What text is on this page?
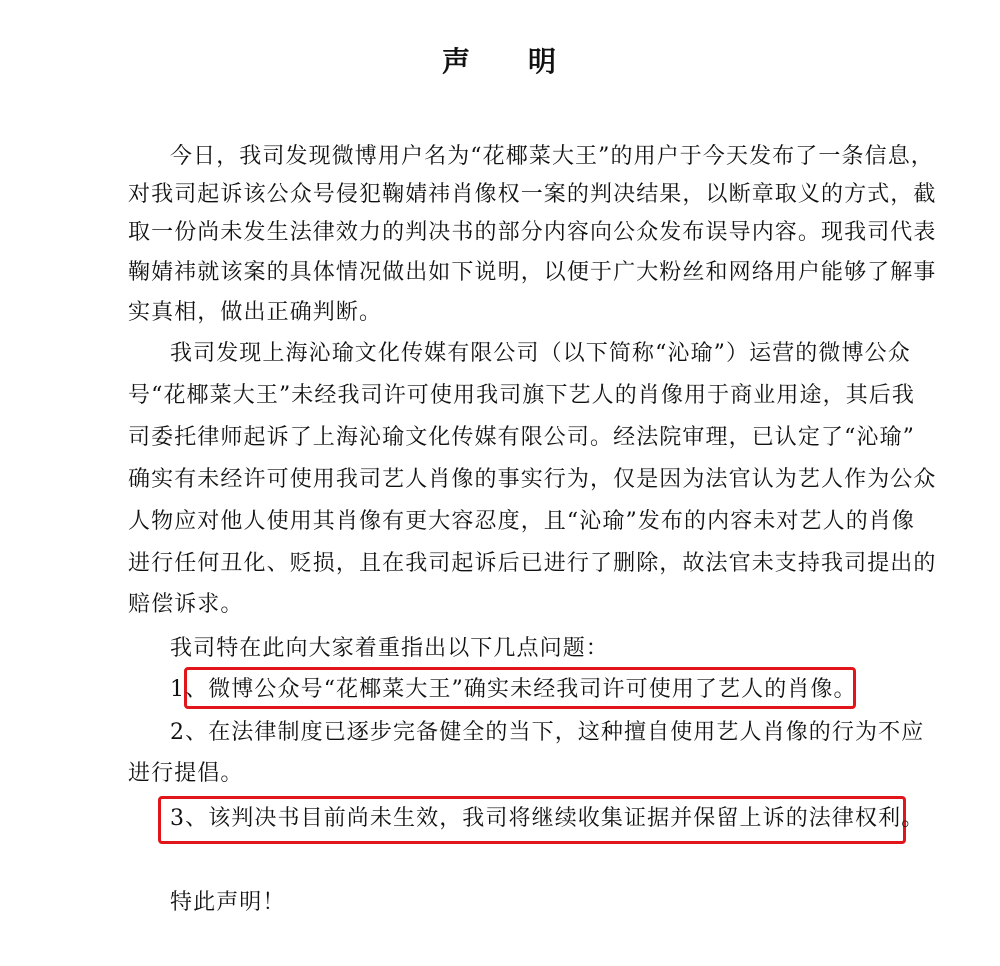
声 明
今日，我司发现微博用户名为“花椰菜大王”的用户于今天发布了一条信息，
对我司起诉该公众号侵犯鞠婧祎肖像权一案的判决结果，以断章取义的方式，截
取一份尚未发生法律效力的判决书的部分内容向公众发布误导内容。现我司代表
鞠婧祎就该案的具体情况做出如下说明，以便于广大粉丝和网络用户能够了解事
实真相，做出正确判断。
我司发现上海沁瑜文化传媒有限公司（以下简称“沁瑜”）运营的微博公众
号“花椰菜大王”未经我司许可使用我司旗下艺人的肖像用于商业用途，其后我
司委托律师起诉了上海沁瑜文化传媒有限公司。经法院审理，已认定了“沁瑜”
确实有未经许可使用我司艺人肖像的事实行为，仅是因为法官认为艺人作为公众
人物应对他人使用其肖像有更大容忍度，且“沁瑜”发布的内容未对艺人的肖像
进行任何丑化、贬损，且在我司起诉后已进行了删除，故法官未支持我司提出的
赔偿诉求。
我司特在此向大家着重指出以下几点问题：
1、微博公众号“花椰菜大王”确实未经我司许可使用了艺人的肖像。
2、在法律制度已逐步完备健全的当下，这种擅自使用艺人肖像的行为不应
进行提倡。
3、该判决书目前尚未生效，我司将继续收集证据并保留上诉的法律权利。
特此声明！
